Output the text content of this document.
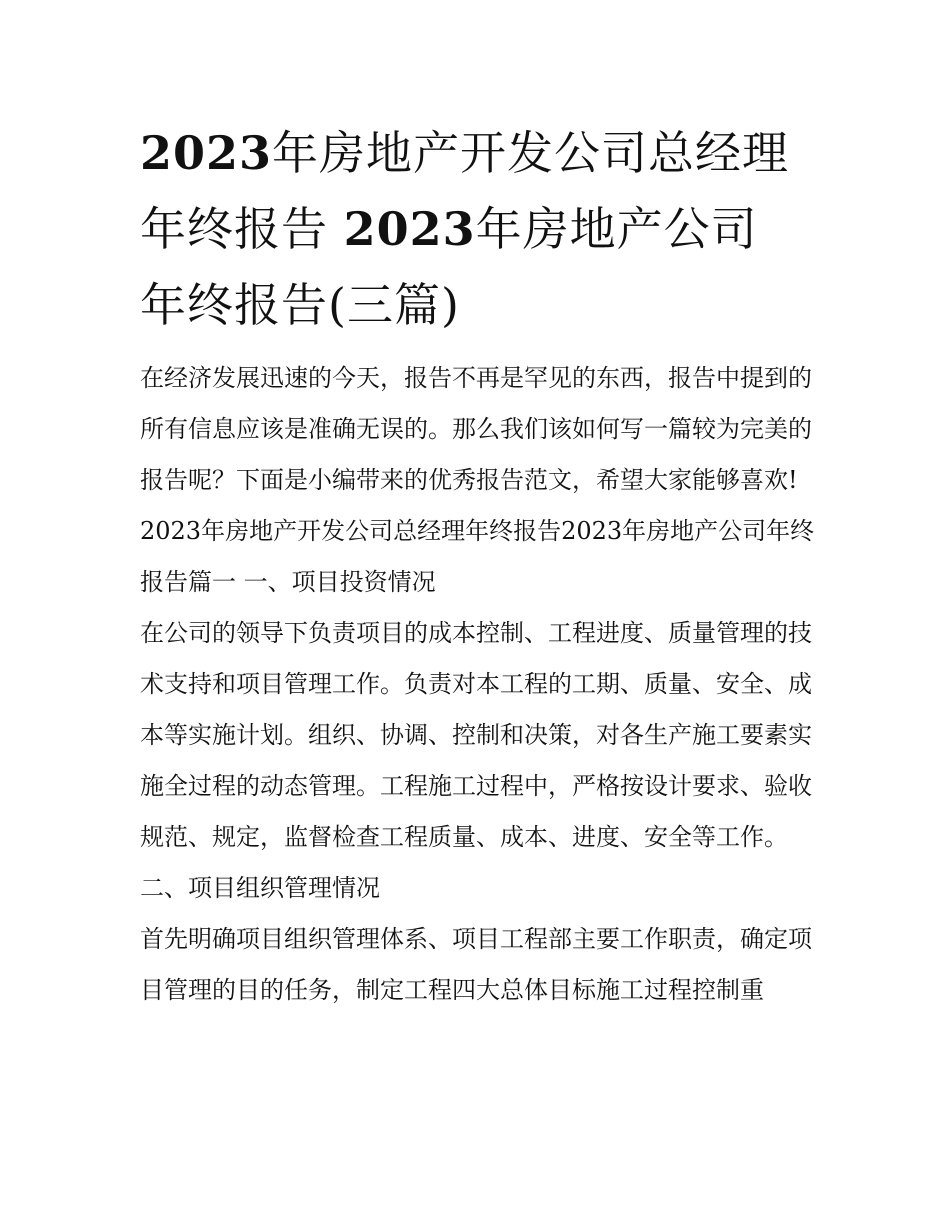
2023年房地产开发公司总经理
年终报告 2023年房地产公司
年终报告(三篇)

在经济发展迅速的今天，报告不再是罕见的东西，报告中提到的所有信息应该是准确无误的。那么我们该如何写一篇较为完美的报告呢？下面是小编带来的优秀报告范文，希望大家能够喜欢!

2023年房地产开发公司总经理年终报告2023年房地产公司年终报告篇一 一、项目投资情况

在公司的领导下负责项目的成本控制、工程进度、质量管理的技术支持和项目管理工作。负责对本工程的工期、质量、安全、成本等实施计划。组织、协调、控制和决策，对各生产施工要素实施全过程的动态管理。工程施工过程中，严格按设计要求、验收规范、规定，监督检查工程质量、成本、进度、安全等工作。

二、项目组织管理情况

首先明确项目组织管理体系、项目工程部主要工作职责，确定项目管理的目的任务，制定工程四大总体目标施工过程控制重
